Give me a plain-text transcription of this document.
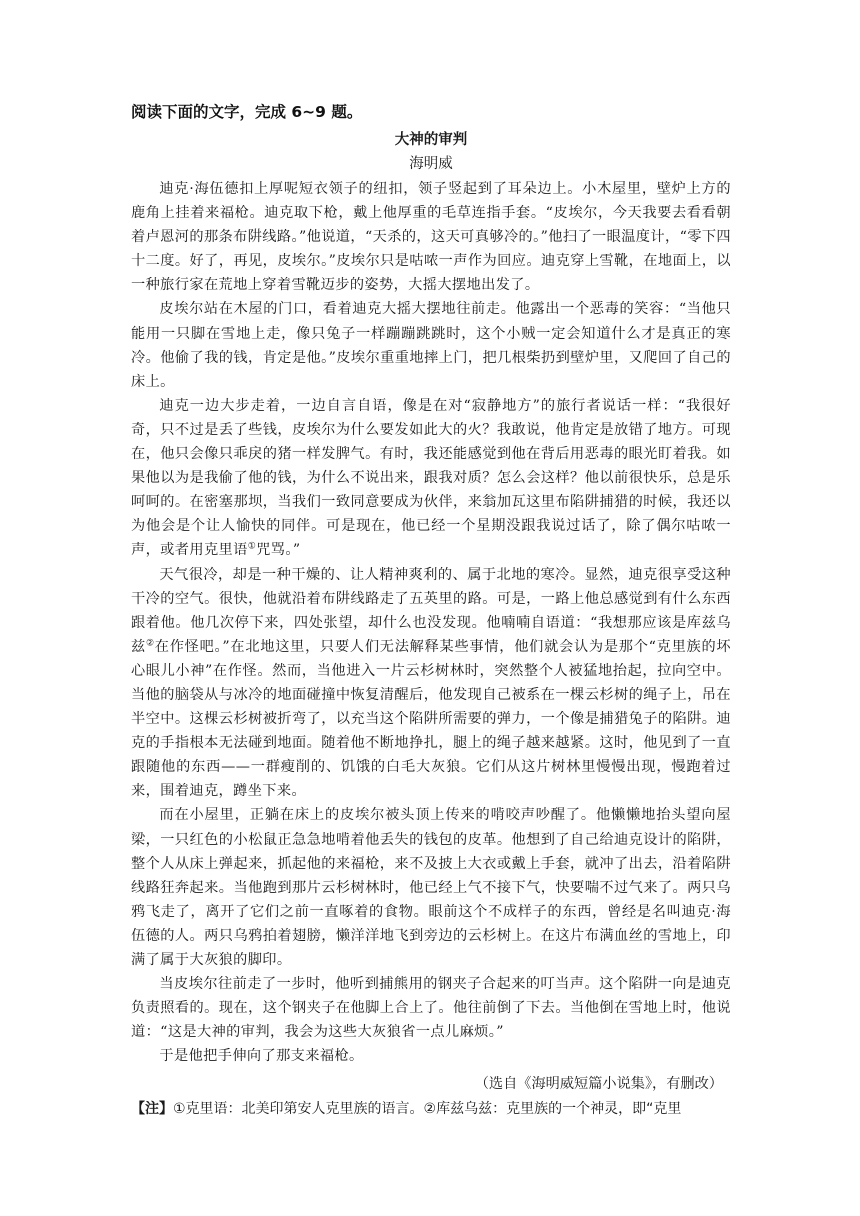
阅读下面的文字，完成 6~9 题。

大神的审判

海明威

迪克·海伍德扣上厚呢短衣领子的纽扣，领子竖起到了耳朵边上。小木屋里，壁炉上方的鹿角上挂着来福枪。迪克取下枪，戴上他厚重的毛草连指手套。“皮埃尔，今天我要去看看朝着卢恩河的那条布阱线路。”他说道，“天杀的，这天可真够冷的。”他扫了一眼温度计，“零下四十二度。好了，再见，皮埃尔。”皮埃尔只是咕哝一声作为回应。迪克穿上雪靴，在地面上，以一种旅行家在荒地上穿着雪靴迈步的姿势，大摇大摆地出发了。

皮埃尔站在木屋的门口，看着迪克大摇大摆地往前走。他露出一个恶毒的笑容：“当他只能用一只脚在雪地上走，像只兔子一样蹦蹦跳跳时，这个小贼一定会知道什么才是真正的寒冷。他偷了我的钱，肯定是他。”皮埃尔重重地摔上门，把几根柴扔到壁炉里，又爬回了自己的床上。

迪克一边大步走着，一边自言自语，像是在对“寂静地方”的旅行者说话一样：“我很好奇，只不过是丢了些钱，皮埃尔为什么要发如此大的火？我敢说，他肯定是放错了地方。可现在，他只会像只乖戾的猪一样发脾气。有时，我还能感觉到他在背后用恶毒的眼光盯着我。如果他以为是我偷了他的钱，为什么不说出来，跟我对质？怎么会这样？他以前很快乐，总是乐呵呵的。在密塞那坝，当我们一致同意要成为伙伴，来翁加瓦这里布陷阱捕猎的时候，我还以为他会是个让人愉快的同伴。可是现在，他已经一个星期没跟我说过话了，除了偶尔咕哝一声，或者用克里语①咒骂。”

天气很冷，却是一种干燥的、让人精神爽利的、属于北地的寒冷。显然，迪克很享受这种干冷的空气。很快，他就沿着布阱线路走了五英里的路。可是，一路上他总感觉到有什么东西跟着他。他几次停下来，四处张望，却什么也没发现。他喃喃自语道：“我想那应该是库兹乌兹②在作怪吧。”在北地这里，只要人们无法解释某些事情，他们就会认为是那个“克里族的坏心眼儿小神”在作怪。然而，当他进入一片云杉树林时，突然整个人被猛地抬起，拉向空中。当他的脑袋从与冰冷的地面碰撞中恢复清醒后，他发现自己被系在一棵云杉树的绳子上，吊在半空中。这棵云杉树被折弯了，以充当这个陷阱所需要的弹力，一个像是捕猎兔子的陷阱。迪克的手指根本无法碰到地面。随着他不断地挣扎，腿上的绳子越来越紧。这时，他见到了一直跟随他的东西——一群瘦削的、饥饿的白毛大灰狼。它们从这片树林里慢慢出现，慢跑着过来，围着迪克，蹲坐下来。

而在小屋里，正躺在床上的皮埃尔被头顶上传来的啃咬声吵醒了。他懒懒地抬头望向屋梁，一只红色的小松鼠正急急地啃着他丢失的钱包的皮革。他想到了自己给迪克设计的陷阱，整个人从床上弹起来，抓起他的来福枪，来不及披上大衣或戴上手套，就冲了出去，沿着陷阱线路狂奔起来。当他跑到那片云杉树林时，他已经上气不接下气，快要喘不过气来了。两只乌鸦飞走了，离开了它们之前一直啄着的食物。眼前这个不成样子的东西，曾经是名叫迪克·海伍德的人。两只乌鸦拍着翅膀，懒洋洋地飞到旁边的云杉树上。在这片布满血丝的雪地上，印满了属于大灰狼的脚印。

当皮埃尔往前走了一步时，他听到捕熊用的钢夹子合起来的叮当声。这个陷阱一向是迪克负责照看的。现在，这个钢夹子在他脚上合上了。他往前倒了下去。当他倒在雪地上时，他说道：“这是大神的审判，我会为这些大灰狼省一点儿麻烦。”

于是他把手伸向了那支来福枪。

（选自《海明威短篇小说集》，有删改）

【注】①克里语：北美印第安人克里族的语言。②库兹乌兹：克里族的一个神灵，即“克里
